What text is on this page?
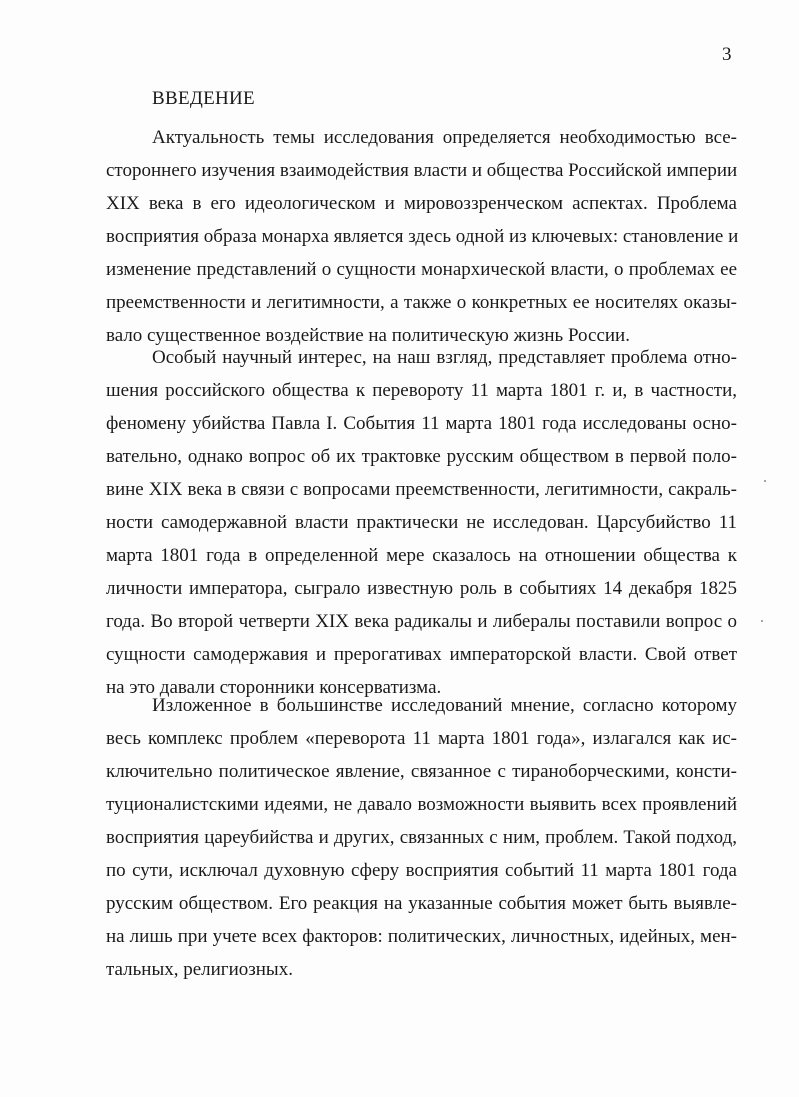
3
ВВЕДЕНИЕ
Актуальность темы исследования определяется необходимостью все-
стороннего изучения взаимодействия власти и общества Российской империи
XIX века в его идеологическом и мировоззренческом аспектах. Проблема
восприятия образа монарха является здесь одной из ключевых: становление и
изменение представлений о сущности монархической власти, о проблемах ее
преемственности и легитимности, а также о конкретных ее носителях оказы-
вало существенное воздействие на политическую жизнь России.
Особый научный интерес, на наш взгляд, представляет проблема отно-
шения российского общества к перевороту 11 марта 1801 г. и, в частности,
феномену убийства Павла I. События 11 марта 1801 года исследованы осно-
вательно, однако вопрос об их трактовке русским обществом в первой поло-
вине XIX века в связи с вопросами преемственности, легитимности, сакраль-
ности самодержавной власти практически не исследован. Царсубийство 11
марта 1801 года в определенной мере сказалось на отношении общества к
личности императора, сыграло известную роль в событиях 14 декабря 1825
года. Во второй четверти XIX века радикалы и либералы поставили вопрос о
сущности самодержавия и прерогативах императорской власти. Свой ответ
на это давали сторонники консерватизма.
Изложенное в большинстве исследований мнение, согласно которому
весь комплекс проблем «переворота 11 марта 1801 года», излагался как ис-
ключительно политическое явление, связанное с тираноборческими, консти-
туционалистскими идеями, не давало возможности выявить всех проявлений
восприятия цареубийства и других, связанных с ним, проблем. Такой подход,
по сути, исключал духовную сферу восприятия событий 11 марта 1801 года
русским обществом. Его реакция на указанные события может быть выявле-
на лишь при учете всех факторов: политических, личностных, идейных, мен-
тальных, религиозных.
